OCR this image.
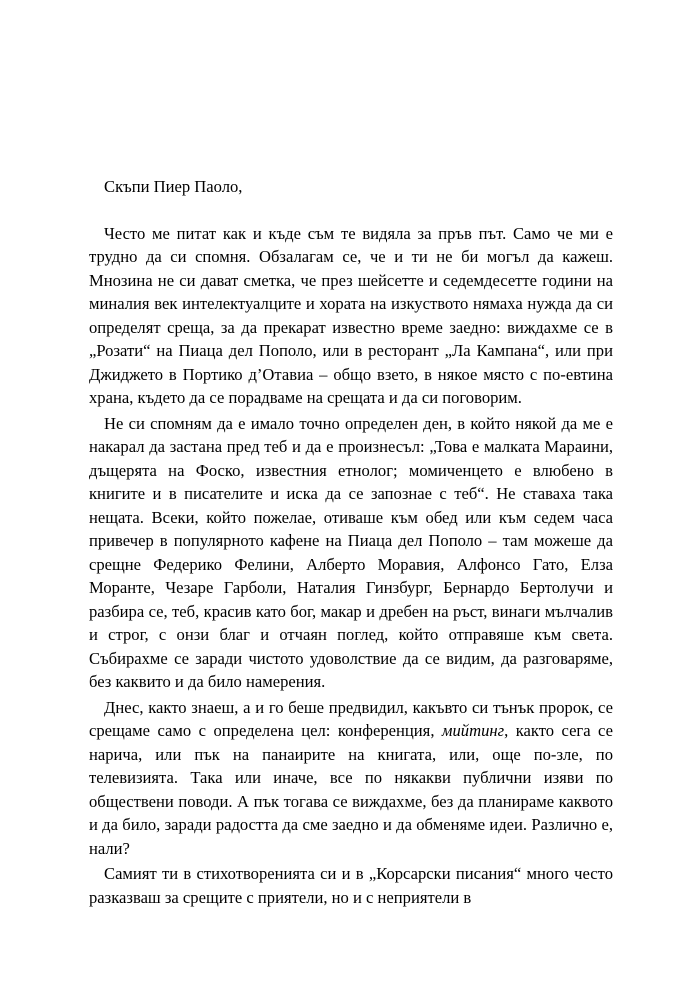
Скъпи Пиер Паоло,

Често ме питат как и къде съм те видяла за пръв път. Само че ми е трудно да си спомня. Обзалагам се, че и ти не би могъл да кажеш. Мнозина не си дават сметка, че през шейсетте и седемдесетте години на миналия век интелектуалците и хората на изкуството нямаха нужда да си определят среща, за да прекарат известно време заедно: виждахме се в „Розати“ на Пиаца дел Пополо, или в ресторант „Ла Кампана“, или при Джиджето в Портико д’Отавиа – общо взето, в някое място с по-евтина храна, където да се порадваме на срещата и да си поговорим.

Не си спомням да е имало точно определен ден, в който някой да ме е накарал да застана пред теб и да е произнесъл: „Това е малката Мараини, дъщерята на Фоско, известния етнолог; момиченцето е влюбено в книгите и в писателите и иска да се запознае с теб“. Не ставаха така нещата. Всеки, който пожелае, отиваше към обед или към седем часа привечер в популярното кафене на Пиаца дел Пополо – там можеше да срещне Федерико Фелини, Алберто Моравия, Алфонсо Гато, Елза Моранте, Чезаре Гарболи, Наталия Гинзбург, Бернардо Бертолучи и разбира се, теб, красив като бог, макар и дребен на ръст, винаги мълчалив и строг, с онзи благ и отчаян поглед, който отправяше към света. Събирахме се заради чистото удоволствие да се видим, да разговаряме, без каквито и да било намерения.

Днес, както знаеш, а и го беше предвидил, какъвто си тънък пророк, се срещаме само с определена цел: конференция, мийтинг, както сега се нарича, или пък на панаирите на книгата, или, още по-зле, по телевизията. Така или иначе, все по някакви публични изяви по обществени поводи. А пък тогава се виждахме, без да планираме каквото и да било, заради радостта да сме заедно и да обменяме идеи. Различно е, нали?

Самият ти в стихотворенията си и в „Корсарски писания“ много често разказваш за срещите с приятели, но и с неприятели в
